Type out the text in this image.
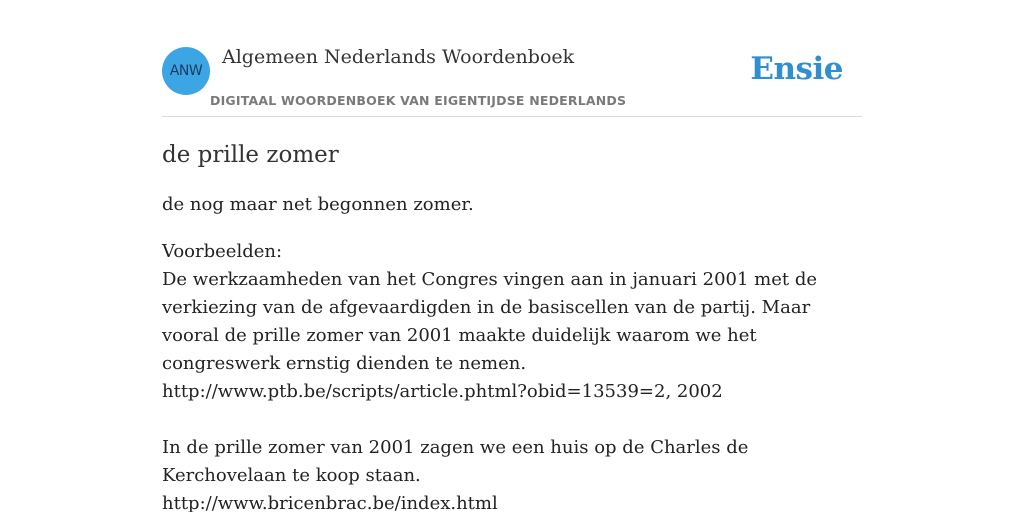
ANW
Algemeen Nederlands Woordenboek
DIGITAAL WOORDENBOEK VAN EIGENTIJDSE NEDERLANDS
Ensie
de prille zomer
de nog maar net begonnen zomer.
Voorbeelden:
De werkzaamheden van het Congres vingen aan in januari 2001 met de verkiezing van de afgevaardigden in de basiscellen van de partij. Maar vooral de prille zomer van 2001 maakte duidelijk waarom we het congreswerk ernstig dienden te nemen.
http://www.ptb.be/scripts/article.phtml?obid=13539=2, 2002
In de prille zomer van 2001 zagen we een huis op de Charles de Kerchovelaan te koop staan.
http://www.bricenbrac.be/index.html
